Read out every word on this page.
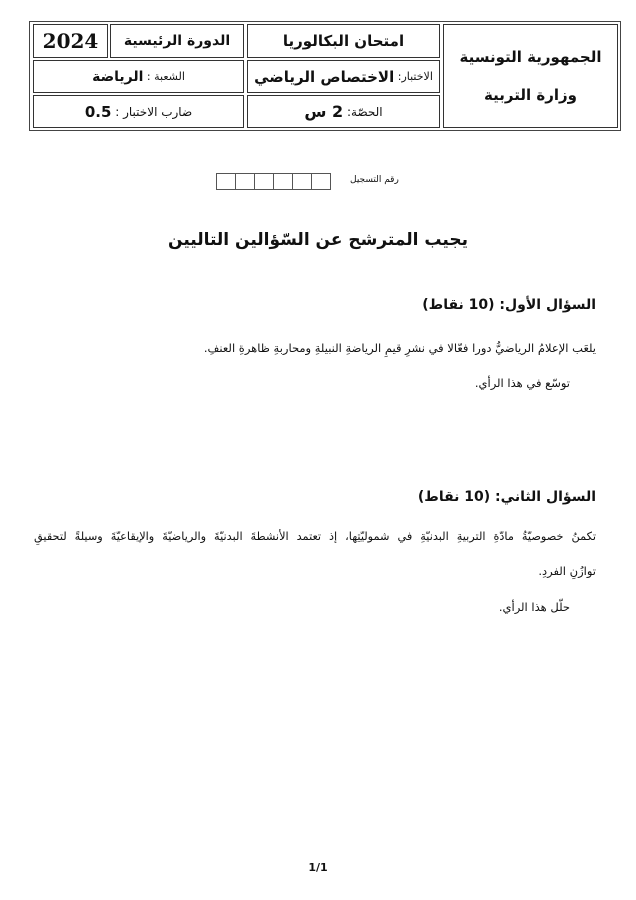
الجمهورية التونسية
وزارة التربية
امتحان البكالوريا
الاختبار:

الاختصاص الرياضي
الحصّة:

2 س
الدورة الرئيسية
2024
الشعبة :

الرياضة
ضارب الاختبار :

0.5
رقم التسجيل
يجيب المترشح عن السّؤالين التاليين
السؤال الأول: (10 نقاط)
يلعَب الإعلامُ الرياضيُّ دورا فعّالا في نشرِ قيمِ الرياضةِ النبيلةِ ومحاربةِ ظاهرةِ العنفِ.
توسّع في هذا الرأي.
السؤال الثاني: (10 نقاط)
تكمنُ خصوصيّةُ مادّةِ التربيةِ البدنيّةِ في شموليّتِها، إذ تعتمد الأنشطةَ البدنيّةَ والرياضيّةَ والإيقاعيّةَ وسيلةً لتحقيقِ
توازُنِ الفردِ.
حلّل هذا الرأي.
1/1
